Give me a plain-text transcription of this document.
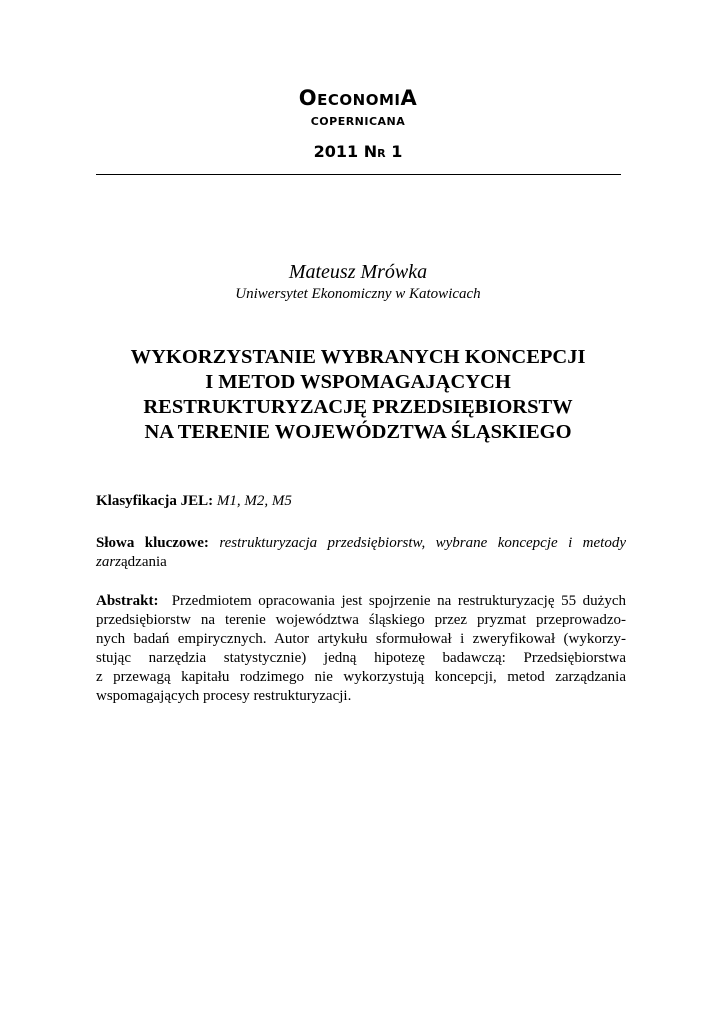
OeconomiA
copernicana
2011 Nr 1
Mateusz Mrówka
Uniwersytet Ekonomiczny w Katowicach
WYKORZYSTANIE WYBRANYCH KONCEPCJI
I METOD WSPOMAGAJĄCYCH
RESTRUKTURYZACJĘ PRZEDSIĘBIORSTW
NA TERENIE WOJEWÓDZTWA ŚLĄSKIEGO
Klasyfikacja JEL: M1, M2, M5
Słowa kluczowe: restrukturyzacja przedsiębiorstw, wybrane koncepcje i metody
zarządzania
Abstrakt: Przedmiotem opracowania jest spojrzenie na restrukturyzację 55 dużych
przedsiębiorstw na terenie województwa śląskiego przez pryzmat przeprowadzo-
nych badań empirycznych. Autor artykułu sformułował i zweryfikował (wykorzy-
stując narzędzia statystycznie) jedną hipotezę badawczą: Przedsiębiorstwa
z przewagą kapitału rodzimego nie wykorzystują koncepcji, metod zarządzania
wspomagających procesy restrukturyzacji.
